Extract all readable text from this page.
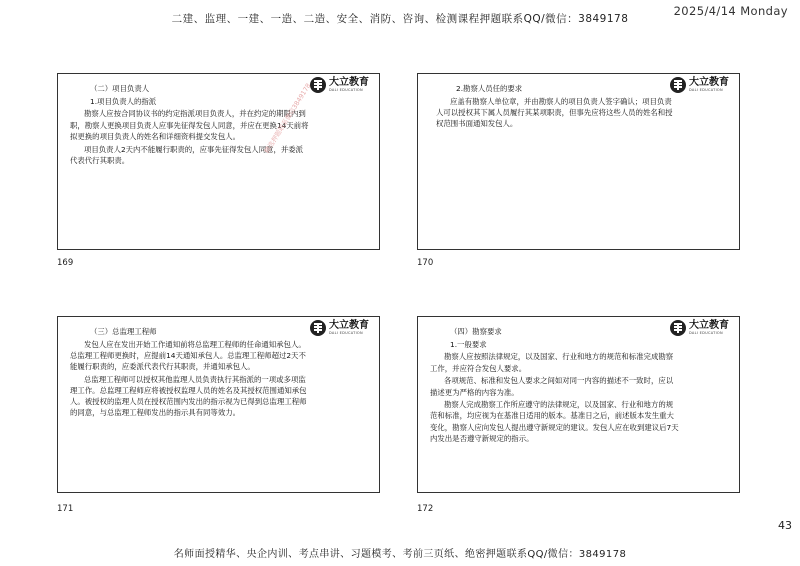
二建、监理、一建、一造、二造、安全、消防、咨询、检测课程押题联系QQ/微信：3849178
2025/4/14 Monday
大立教育
DALI EDUCATION

（二）项目负责人

1.项目负责人的指派

勘察人应按合同协议书的约定指派项目负责人，并在约定的期限内到职，勘察人更换项目负责人应事先征得发包人同意，并应在更换14天前将拟更换的项目负责人的姓名和详细资料提交发包人。

项目负责人2天内不能履行职责的，应事先征得发包人同意，并委派代表代行其职责。

169
大立教育
DALI EDUCATION

2.勘察人员任的要求

应盖有勘察人单位章，并由勘察人的项目负责人签字确认；项目负责人可以授权其下属人员履行其某项职责，但事先应将这些人员的姓名和授权范围书面通知发包人。

170
大立教育
DALI EDUCATION

（三）总监理工程师

发包人应在发出开始工作通知前将总监理工程师的任命通知承包人。总监理工程师更换时，应提前14天通知承包人。总监理工程师超过2天不能履行职责的，应委派代表代行其职责，并通知承包人。

总监理工程师可以授权其他监理人员负责执行其指派的一项或多项监理工作。总监理工程师应将被授权监理人员的姓名及其授权范围通知承包人。被授权的监理人员在授权范围内发出的指示视为已得到总监理工程师的同意，与总监理工程师发出的指示具有同等效力。

171
大立教育
DALI EDUCATION

（四）勘察要求

1.一般要求

勘察人应按照法律规定，以及国家、行业和地方的规范和标准完成勘察工作，并应符合发包人要求。

各项规范、标准和发包人要求之间如对同一内容的描述不一致时，应以描述更为严格的内容为准。

勘察人完成勘察工作所应遵守的法律规定，以及国家、行业和地方的规范和标准，均应视为在基准日适用的版本。基准日之后，前述版本发生重大变化，勘察人应向发包人提出遵守新规定的建议。发包人应在收到建议后7天内发出是否遵守新规定的指示。

172
精选押题联系微信3849178
43
名师面授精华、央企内训、考点串讲、习题模考、考前三页纸、绝密押题联系QQ/微信：3849178
